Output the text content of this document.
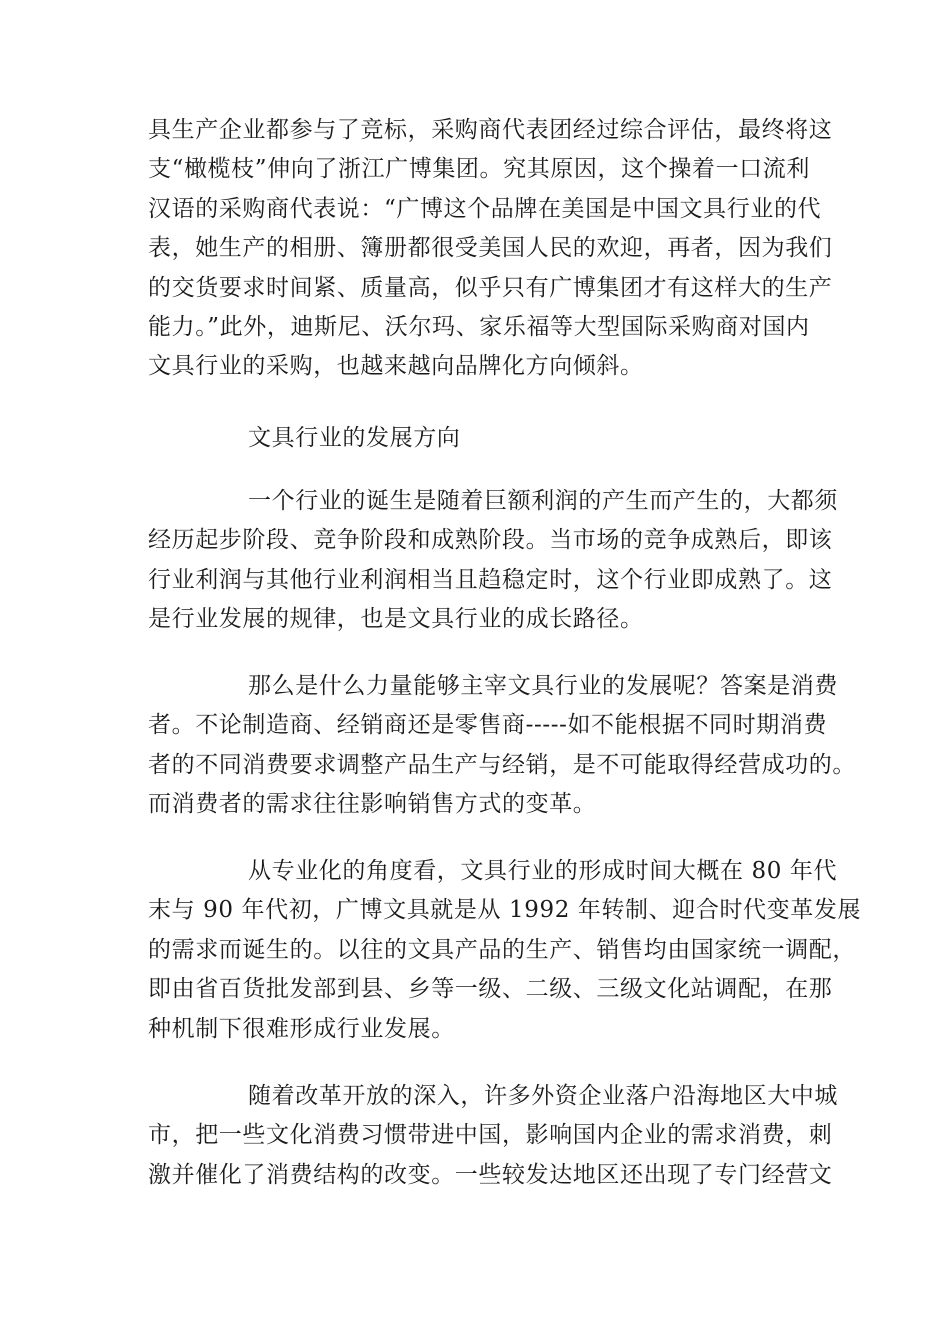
具生产企业都参与了竞标，采购商代表团经过综合评估，最终将这
支“橄榄枝”伸向了浙江广博集团。究其原因，这个操着一口流利
汉语的采购商代表说：“广博这个品牌在美国是中国文具行业的代
表，她生产的相册、簿册都很受美国人民的欢迎，再者，因为我们
的交货要求时间紧、质量高，似乎只有广博集团才有这样大的生产
能力。”此外，迪斯尼、沃尔玛、家乐福等大型国际采购商对国内
文具行业的采购，也越来越向品牌化方向倾斜。
文具行业的发展方向
一个行业的诞生是随着巨额利润的产生而产生的，大都须
经历起步阶段、竞争阶段和成熟阶段。当市场的竞争成熟后，即该
行业利润与其他行业利润相当且趋稳定时，这个行业即成熟了。这
是行业发展的规律，也是文具行业的成长路径。
那么是什么力量能够主宰文具行业的发展呢？答案是消费
者。不论制造商、经销商还是零售商-----如不能根据不同时期消费
者的不同消费要求调整产品生产与经销，是不可能取得经营成功的。
而消费者的需求往往影响销售方式的变革。
从专业化的角度看，文具行业的形成时间大概在 80 年代
末与 90 年代初，广博文具就是从 1992 年转制、迎合时代变革发展
的需求而诞生的。以往的文具产品的生产、销售均由国家统一调配，
即由省百货批发部到县、乡等一级、二级、三级文化站调配，在那
种机制下很难形成行业发展。
随着改革开放的深入，许多外资企业落户沿海地区大中城
市，把一些文化消费习惯带进中国，影响国内企业的需求消费，刺
激并催化了消费结构的改变。一些较发达地区还出现了专门经营文
